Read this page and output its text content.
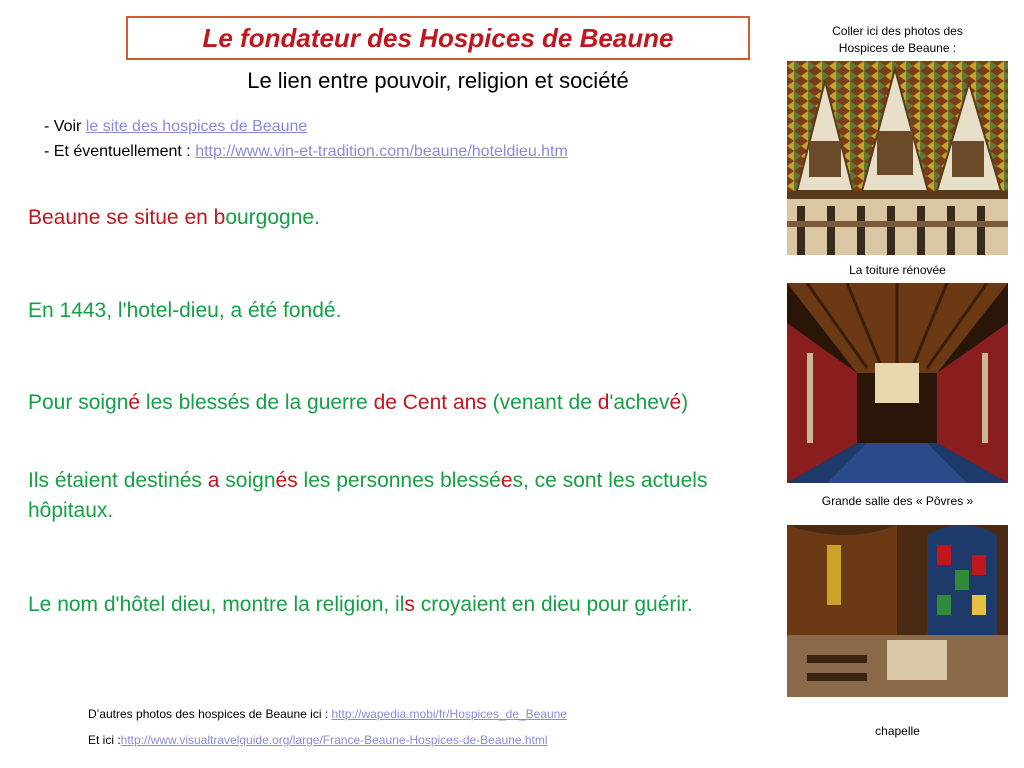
Le fondateur des Hospices de Beaune
Le lien entre pouvoir, religion et société
- Voir le site des hospices de Beaune
- Et éventuellement : http://www.vin-et-tradition.com/beaune/hoteldieu.htm
Beaune se situe en bourgogne.
En 1443, l'hotel-dieu, a été fondé.
Pour soigné les blessés de la guerre de Cent ans (venant de d'achevé)
Ils étaient destinés a soignés les personnes blessées, ce sont les actuels hôpitaux.
Le nom d'hôtel dieu, montre la religion, ils croyaient en dieu pour guérir.
D’autres photos des hospices de Beaune ici : http://wapedia.mobi/fr/Hospices_de_Beaune
Et ici :http://www.visualtravelguide.org/large/France-Beaune-Hospices-de-Beaune.html
Coller ici des photos des
Hospices de Beaune :
La toiture rénovée
Grande salle des « Pôvres »
chapelle
